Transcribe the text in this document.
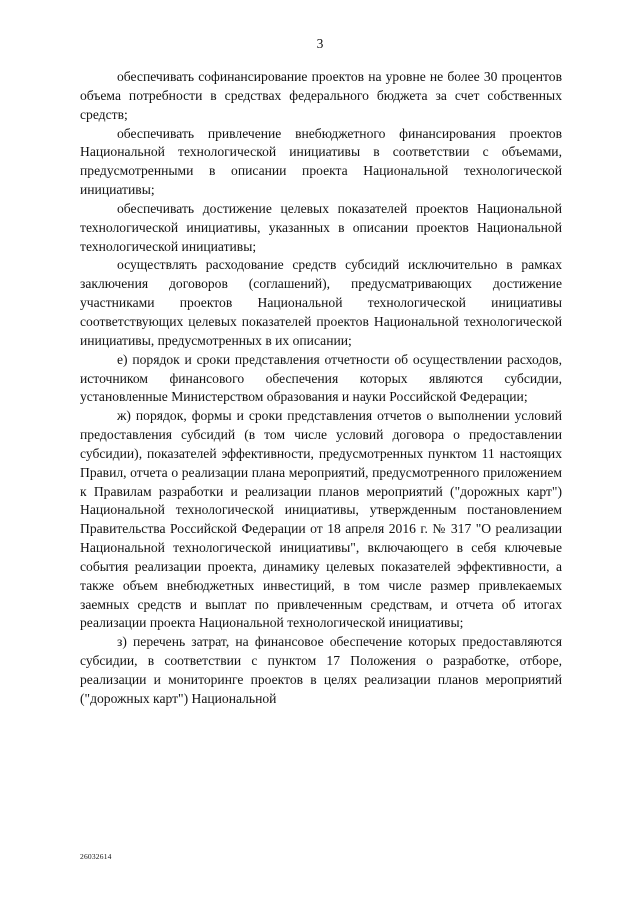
3

обеспечивать софинансирование проектов на уровне не более 30 процентов объема потребности в средствах федерального бюджета за счет собственных средств;

обеспечивать привлечение внебюджетного финансирования проектов Национальной технологической инициативы в соответствии с объемами, предусмотренными в описании проекта Национальной технологической инициативы;

обеспечивать достижение целевых показателей проектов Национальной технологической инициативы, указанных в описании проектов Национальной технологической инициативы;

осуществлять расходование средств субсидий исключительно в рамках заключения договоров (соглашений), предусматривающих достижение участниками проектов Национальной технологической инициативы соответствующих целевых показателей проектов Национальной технологической инициативы, предусмотренных в их описании;

е) порядок и сроки представления отчетности об осуществлении расходов, источником финансового обеспечения которых являются субсидии, установленные Министерством образования и науки Российской Федерации;

ж) порядок, формы и сроки представления отчетов о выполнении условий предоставления субсидий (в том числе условий договора о предоставлении субсидии), показателей эффективности, предусмотренных пунктом 11 настоящих Правил, отчета о реализации плана мероприятий, предусмотренного приложением к Правилам разработки и реализации планов мероприятий ("дорожных карт") Национальной технологической инициативы, утвержденным постановлением Правительства Российской Федерации от 18 апреля 2016 г. № 317 "О реализации Национальной технологической инициативы", включающего в себя ключевые события реализации проекта, динамику целевых показателей эффективности, а также объем внебюджетных инвестиций, в том числе размер привлекаемых заемных средств и выплат по привлеченным средствам, и отчета об итогах реализации проекта Национальной технологической инициативы;

з) перечень затрат, на финансовое обеспечение которых предоставляются субсидии, в соответствии с пунктом 17 Положения о разработке, отборе, реализации и мониторинге проектов в целях реализации планов мероприятий ("дорожных карт") Национальной

26032614
